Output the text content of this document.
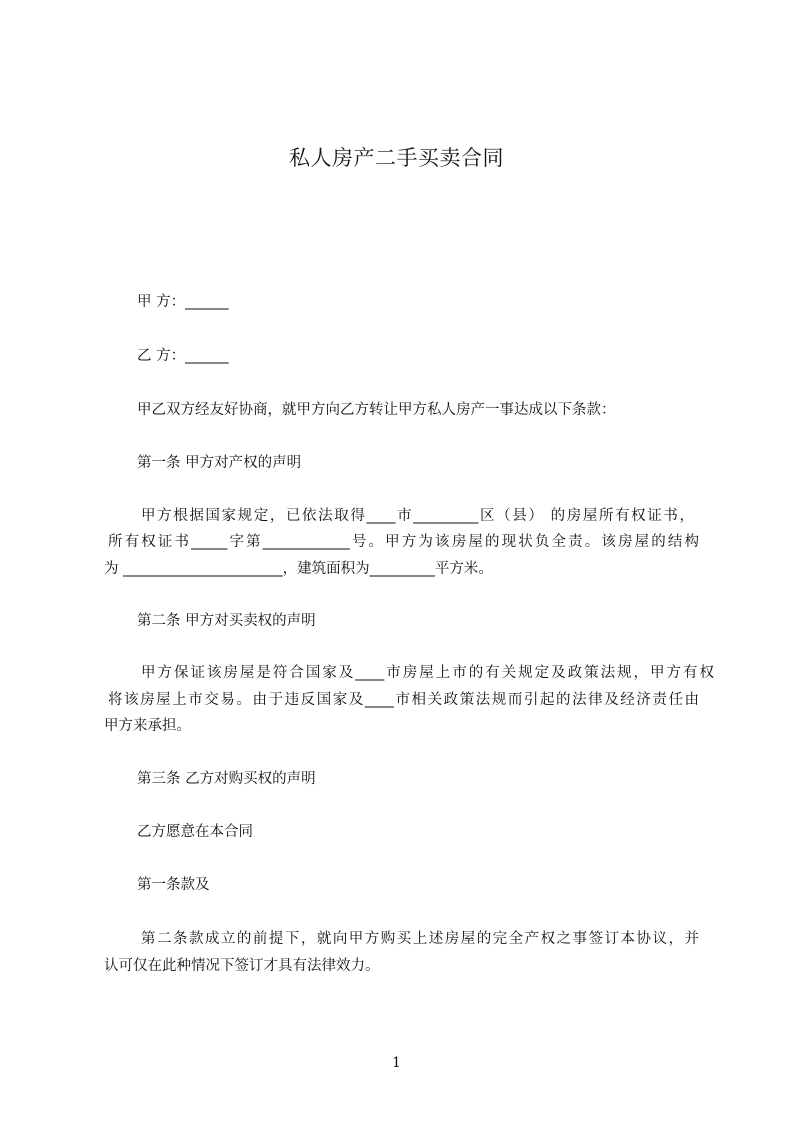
私人房产二手买卖合同
甲 方：______
乙 方：______
甲乙双方经友好协商，就甲方向乙方转让甲方私人房产一事达成以下条款：
第一条 甲方对产权的声明
甲方根据国家规定，已依法取得____市_________区（县） 的房屋所有权证书，
所有权证书_____字第____________号。甲方为该房屋的现状负全责。该房屋的结构
为 ______________________，建筑面积为_________平方米。
第二条 甲方对买卖权的声明
甲方保证该房屋是符合国家及____市房屋上市的有关规定及政策法规，甲方有权
将该房屋上市交易。由于违反国家及____市相关政策法规而引起的法律及经济责任由
甲方来承担。
第三条 乙方对购买权的声明
乙方愿意在本合同
第一条款及
第二条款成立的前提下，就向甲方购买上述房屋的完全产权之事签订本协议，并
认可仅在此种情况下签订才具有法律效力。
1
